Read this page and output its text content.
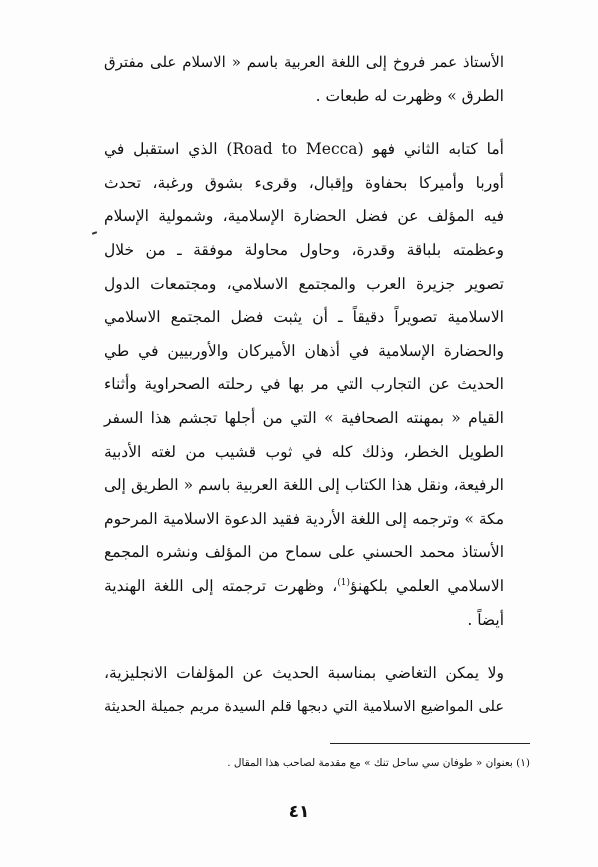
الأستاذ عمر فروخ إلى اللغة العربية باسم « الاسلام على مفترق
الطرق » وظهرت له طبعات .

أما كتابه الثاني فهو (Road to Mecca) الذي استقبل في
أوربا وأميركا بحفاوة وإقبال، وقرىء بشوق ورغبة، تحدث
فيه المؤلف عن فضل الحضارة الإسلامية، وشمولية الإسلام
وعظمته بلباقة وقدرة، وحاول محاولة موفقة ـ من خلال
تصوير جزيرة العرب والمجتمع الاسلامي، ومجتمعات الدول
الاسلامية تصويراً دقيقاً ـ أن يثبت فضل المجتمع الاسلامي
والحضارة الإسلامية في أذهان الأميركان والأوربيين في طي
الحديث عن التجارب التي مر بها في رحلته الصحراوية وأثناء
القيام « بمهنته الصحافية » التي من أجلها تجشم هذا السفر
الطويل الخطر، وذلك كله في ثوب قشيب من لغته الأدبية
الرفيعة، ونقل هذا الكتاب إلى اللغة العربية باسم « الطريق إلى
مكة » وترجمه إلى اللغة الأردية فقيد الدعوة الاسلامية المرحوم
الأستاذ محمد الحسني على سماح من المؤلف ونشره المجمع
الاسلامي العلمي بلكهنؤ$^{(1)}$، وظهرت ترجمته إلى اللغة الهندية
أيضاً .

ولا يمكن التغاضي بمناسبة الحديث عن المؤلفات الانجليزية،
على المواضيع الاسلامية التي دبجها قلم السيدة مريم جميلة الحديثة

(١) بعنوان « طوفان سي ساحل تنك » مع مقدمة لصاحب هذا المقال .
٤١
